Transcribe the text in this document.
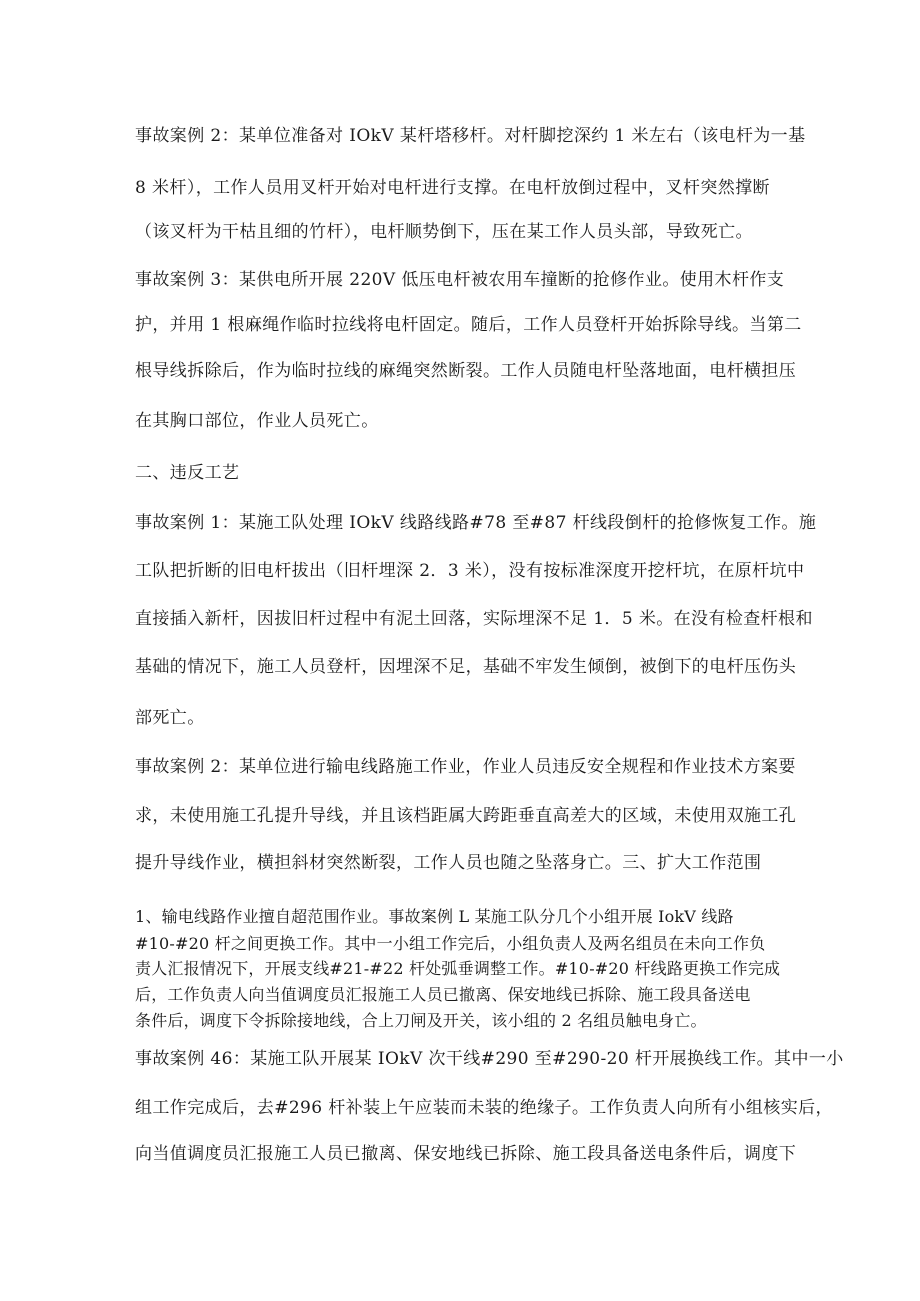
事故案例 2：某单位准备对 IOkV 某杆塔移杆。对杆脚挖深约 1 米左右（该电杆为一基
8 米杆），工作人员用叉杆开始对电杆进行支撑。在电杆放倒过程中，叉杆突然撑断
（该叉杆为干枯且细的竹杆），电杆顺势倒下，压在某工作人员头部，导致死亡。
事故案例 3：某供电所开展 220V 低压电杆被农用车撞断的抢修作业。使用木杆作支
护，并用 1 根麻绳作临时拉线将电杆固定。随后，工作人员登杆开始拆除导线。当第二
根导线拆除后，作为临时拉线的麻绳突然断裂。工作人员随电杆坠落地面，电杆横担压
在其胸口部位，作业人员死亡。
二、违反工艺
事故案例 1：某施工队处理 IOkV 线路线路#78 至#87 杆线段倒杆的抢修恢复工作。施
工队把折断的旧电杆拔出（旧杆埋深 2．3 米），没有按标准深度开挖杆坑，在原杆坑中
直接插入新杆，因拔旧杆过程中有泥土回落，实际埋深不足 1．5 米。在没有检查杆根和
基础的情况下，施工人员登杆，因埋深不足，基础不牢发生倾倒，被倒下的电杆压伤头
部死亡。
事故案例 2：某单位进行输电线路施工作业，作业人员违反安全规程和作业技术方案要
求，未使用施工孔提升导线，并且该档距属大跨距垂直高差大的区域，未使用双施工孔
提升导线作业，横担斜材突然断裂，工作人员也随之坠落身亡。三、扩大工作范围
1、输电线路作业擅自超范围作业。事故案例 L 某施工队分几个小组开展 IokV 线路
#10-#20 杆之间更换工作。其中一小组工作完后，小组负责人及两名组员在未向工作负
责人汇报情况下，开展支线#21-#22 杆处弧垂调整工作。#10-#20 杆线路更换工作完成
后，工作负责人向当值调度员汇报施工人员已撤离、保安地线已拆除、施工段具备送电
条件后，调度下令拆除接地线，合上刀闸及开关，该小组的 2 名组员触电身亡。
事故案例 46：某施工队开展某 IOkV 次干线#290 至#290-20 杆开展换线工作。其中一小
组工作完成后，去#296 杆补装上午应装而未装的绝缘子。工作负责人向所有小组核实后，
向当值调度员汇报施工人员已撤离、保安地线已拆除、施工段具备送电条件后，调度下
